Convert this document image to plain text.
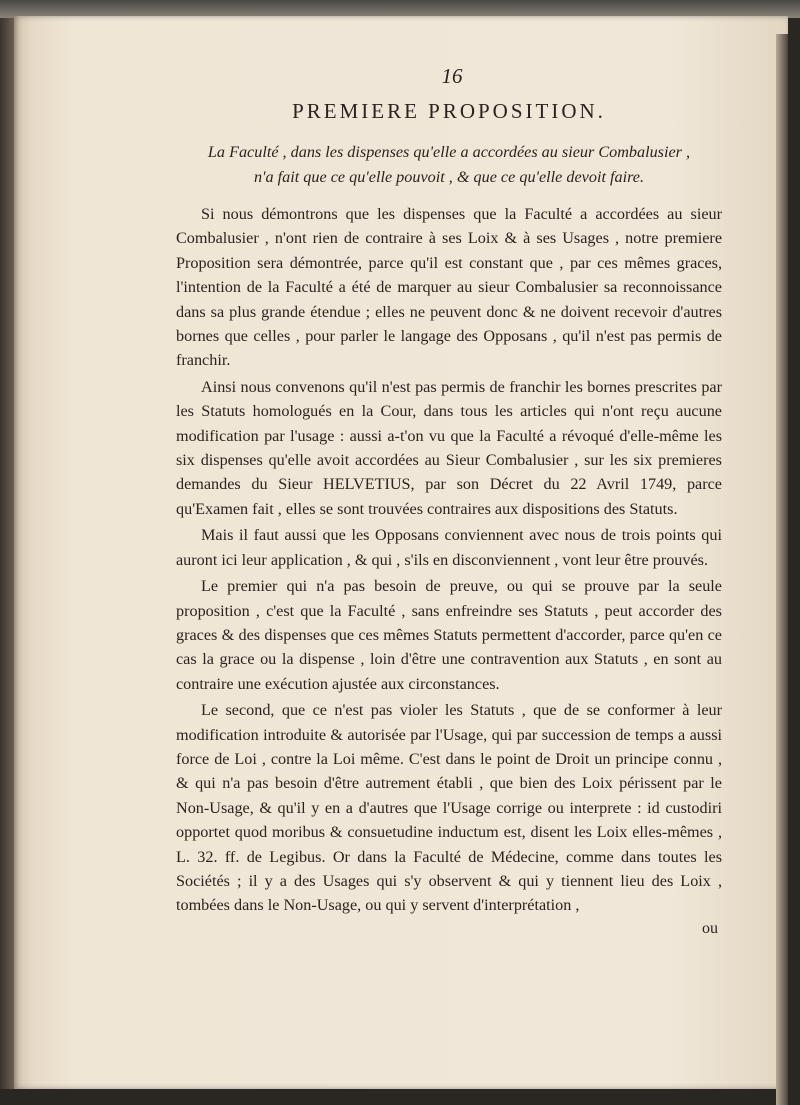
16
PREMIERE PROPOSITION.
La Faculté , dans les dispenses qu'elle a accordées au sieur Combalusier ,
n'a fait que ce qu'elle pouvoit , & que ce qu'elle devoit faire.

Si nous démontrons que les dispenses que la Faculté a accordées au sieur Combalusier , n'ont rien de contraire à ses Loix & à ses Usages , notre premiere Proposition sera démontrée, parce qu'il est constant que , par ces mêmes graces, l'intention de la Faculté a été de marquer au sieur Combalusier sa reconnoissance dans sa plus grande étendue ; elles ne peuvent donc & ne doivent recevoir d'autres bornes que celles , pour parler le langage des Opposans , qu'il n'est pas permis de franchir.

Ainsi nous convenons qu'il n'est pas permis de franchir les bornes prescrites par les Statuts homologués en la Cour, dans tous les articles qui n'ont reçu aucune modification par l'usage : aussi a-t'on vu que la Faculté a révoqué d'elle-même les six dispenses qu'elle avoit accordées au Sieur Combalusier , sur les six premieres demandes du Sieur HELVETIUS, par son Décret du 22 Avril 1749, parce qu'Examen fait , elles se sont trouvées contraires aux dispositions des Statuts.

Mais il faut aussi que les Opposans conviennent avec nous de trois points qui auront ici leur application , & qui , s'ils en disconviennent , vont leur être prouvés.

Le premier qui n'a pas besoin de preuve, ou qui se prouve par la seule proposition , c'est que la Faculté , sans enfreindre ses Statuts , peut accorder des graces & des dispenses que ces mêmes Statuts permettent d'accorder, parce qu'en ce cas la grace ou la dispense , loin d'être une contravention aux Statuts , en sont au contraire une exécution ajustée aux circonstances.

Le second, que ce n'est pas violer les Statuts , que de se conformer à leur modification introduite & autorisée par l'Usage, qui par succession de temps a aussi force de Loi , contre la Loi même. C'est dans le point de Droit un principe connu , & qui n'a pas besoin d'être autrement établi , que bien des Loix périssent par le Non-Usage, & qu'il y en a d'autres que l'Usage corrige ou interprete : id custodiri opportet quod moribus & consuetudine inductum est, disent les Loix elles-mêmes , L. 32. ff. de Legibus. Or dans la Faculté de Médecine, comme dans toutes les Sociétés ; il y a des Usages qui s'y observent & qui y tiennent lieu des Loix , tombées dans le Non-Usage, ou qui y servent d'interprétation ,

ou
